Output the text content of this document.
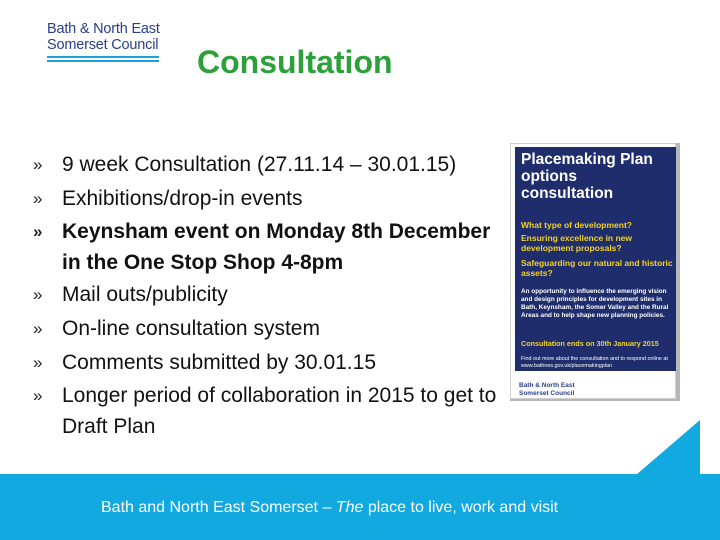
Bath & North East
Somerset Council Consultation
» 9 week Consultation (27.11.14 – 30.01.15)
» Exhibitions/drop-in events
» Keynsham event on Monday 8th December in the One Stop Shop 4-8pm
» Mail outs/publicity
» On-line consultation system
» Comments submitted by 30.01.15
» Longer period of collaboration in 2015 to get to Draft Plan
Placemaking Plan
options
consultation
What type of development?
Ensuring excellence in new development proposals?
Safeguarding our natural and historic assets?
An opportunity to influence the emerging vision and design principles for development sites in Bath, Keynsham, the Somer Valley and the Rural Areas and to help shape new planning policies.
Consultation ends on 30th January 2015
Find out more about the consultation and to respond online at www.bathnes.gov.uk/placemakingplan
Bath & North East
Somerset Council
Bath and North East Somerset – The place to live, work and visit
